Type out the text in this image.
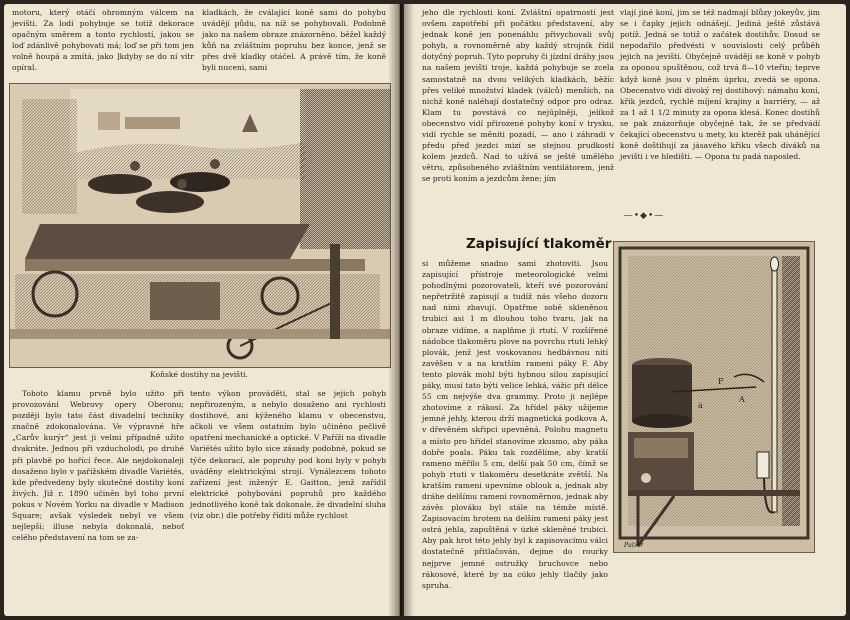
motoru, který otáčí ohromným válcem na jevišti. Za lodí pohybuje se totiž dekorace opačným směrem a tonto rychlostí, jakou se loď zdánlivě pohybovati má; loď se při tom jen volně houpá a zmítá, jako ]kdyby se do ní vítr opíral.

kladkách, že cválající koně sami do pohybu uvádějí půdu, na níž se pohybovali. Podobně jako na našem obraze znázorněno, běžel každý kůň na zvláštním popruhu bez konce, jenž se přes dvě kladky otáčel. A právě tím, že koně byli nuceni, sami

Koňské dostihy na jevišti.

Tohoto klamu prvně bylo užito při provozování Webrovy opery Oberonu; později bylo tato část divadelní techniky značně zdokonalována. Ve výpravné hře „Carův kurýr“ jest ji velmi případně užito dvakráte. Jednou při vzducholodi, po druhé při plavbě po hořící řece. Ale nejdokonaleji dosaženo bylo v pařížském divadle Variétés, kde předvedeny byly skutečné dostihy koní živých. Již r. 1890 učiněn byl toho první pokus v Novém Yorku na divadle v Madison Square; avšak výsledek nebyl ve všem nejlepší; illuse nebyla dokonalá, neboť celého představení na tom se za-

tento výkon prováděti, stal se jejich pohyb nepřirozeným, a nebylo dosaženo ani rychlosti dostihové, ani kýženého klamu v obecenstvu, ačkoli ve všem ostatním bylo učiněno pečlivě opatření mechanické a optické. V Paříži na divadle Variétés užito bylo sice zásady podobné, pokud se týče dekorací, ale popruhy pod koni byly v pohyb uváděny elektrickými strojí. Vynálezcem tohoto zařízení jest inženýr E. Gaitton, jenž zařídil elektrické pohybování popruhů pro každého jednotlivého koně tak dokonale, že divadelní sluha (viz obr.) dle potřeby řídití může rychlost

jeho dle rychlosti koní. Zvláštní opatrností jest ovšem zapotřebí při počátku představení, aby jednak koně jen ponenáhlu přivychovali svůj pohyb, a rovnoměrně aby každý strojník řídil dotyčný popruh. Tyto popruhy či jízdní dráhy jsou na našem jevišti troje, každá pohybuje se zcela samostatně na dvou velikých kladkách, běžíc přes veliké množství kladek (válců) menších, na nichž koně naléhají dostatečný odpor pro odraz. Klam tu povstává co nejúplněji, jelikož obecenstvo vidí přirozené pohyby koní v trysku, vidí rychle se měniti pozadí, — ano i záhradí v předu před jezdci mizí se stejnou prudkostí kolem jezdců. Nad to užívá se ještě umělého větru, způsobeného zvláštním ventilátorem, jenž se proti koním a jezdcům žene; jím

vlají jiné koní, jim se též nadmají blůzy jokeyův, jim se i čapky jejich odnášejí. Jediná ještě zůstává potíž. Jedná se totiž o začátek dostihův. Dosud se nepodařilo předvésti v souvislosti celý průběh jejich na jevišti. Obyčejně uváději se koně v pohyb za oponou spuštěnou, což trvá 8—10 vteřin; teprve když koně jsou v plném úprku, zvedá se opona. Obecenstvo vidí divoký rej dostihový: námahu koní, křik jezdců, rychlé míjení krajiny a barriéry, — až za 1 až 1 1/2 minuty za opona klesá. Konec dostihů se pak znázorňuje obyčejně tak, že se předvádí čekající obecenstvu u mety, ku kterěž pak uhánějící koně doštihují za jásavého křiku všech diváků na jevišti i ve hledišti. — Opona tu padá naposled.

—•◆•—
Zapisující tlakoměr

si můžeme snadno sami zhotoviti. Jsou zapisující přístroje meteorologické velmi pohodlnými pozorovateli, kteří své pozorování nepřetržitě zapisují a tudíž nás všeho dozoru nad nimi zbavují. Opatřme sobě skleněnou trubici asi 1 m dlouhou toho tvaru, jak na obraze vidíme, a naplňme ji rtutí. V rozšířené nádobce tlakoměru plove na povrchu rtuti lehký plovák, jenž jest voskovanou hedbávnou nití zavěšen v a na kratším rameni páky F. Aby tento plovák mohl býti hybnou silou zapisující páky, musí tato býti velice lehká, vážíc při délce 55 cm nejvýše dva grammy. Proto ji nejlépe zhotovíme z rákosí. Za hřídel páky užijeme jemné jehly, kterou drží magnetická podkova A, v dřevěném skřipci upevněná. Polohu magnetu a místo pro hřídel stanovíme zkusmo, aby páka dobře poala. Páku tak rozdělíme, aby kratší rameno měřilo 5 cm, delší pak 50 cm, čímž se pohyb rtuti v tlakoměru desetkráte zvětší. Na kratším rameni upevníme oblouk a, jednak aby dráhe delšímu rameni rovnoměrnou, jednak aby závěs plováku byl stále na témže místě. Zapisovacím hrotem na delším rameni páky jest ostrá jehla, zapuštěná v úzké skleněné trubici. Aby pak hrot této jehly byl k zapisovacímu válci dostatečně přitlačován, dejme do rourky nejprve jemné ostružky bruchovce nebo rákosové, které by na cúko jehly tlačily jako spruha.

a
A
F
Pulzer
